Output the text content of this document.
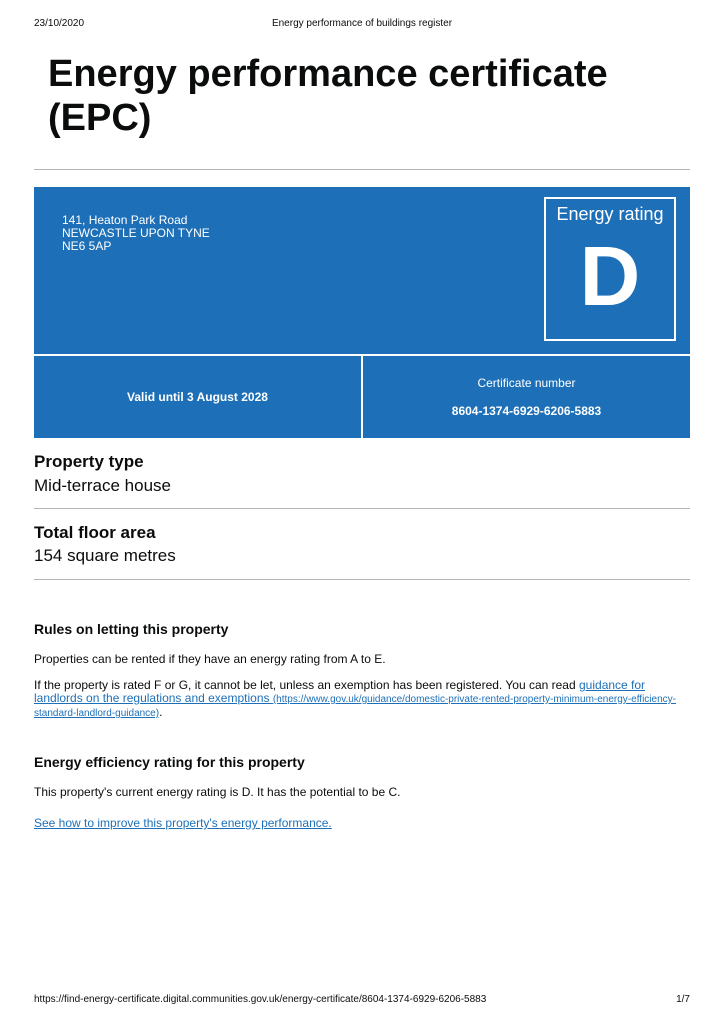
23/10/2020	Energy performance of buildings register
Energy performance certificate (EPC)
141, Heaton Park Road
NEWCASTLE UPON TYNE
NE6 5AP
Energy rating
D
Valid until 3 August 2028
Certificate number
8604-1374-6929-6206-5883
Property type
Mid-terrace house
Total floor area
154 square metres
Rules on letting this property

Properties can be rented if they have an energy rating from A to E.

If the property is rated F or G, it cannot be let, unless an exemption has been registered. You can read guidance for landlords on the regulations and exemptions (https://www.gov.uk/guidance/domestic-private-rented-property-minimum-energy-efficiency-standard-landlord-guidance).

Energy efficiency rating for this property

This property's current energy rating is D. It has the potential to be C.

See how to improve this property's energy performance.

https://find-energy-certificate.digital.communities.gov.uk/energy-certificate/8604-1374-6929-6206-5883	1/7
